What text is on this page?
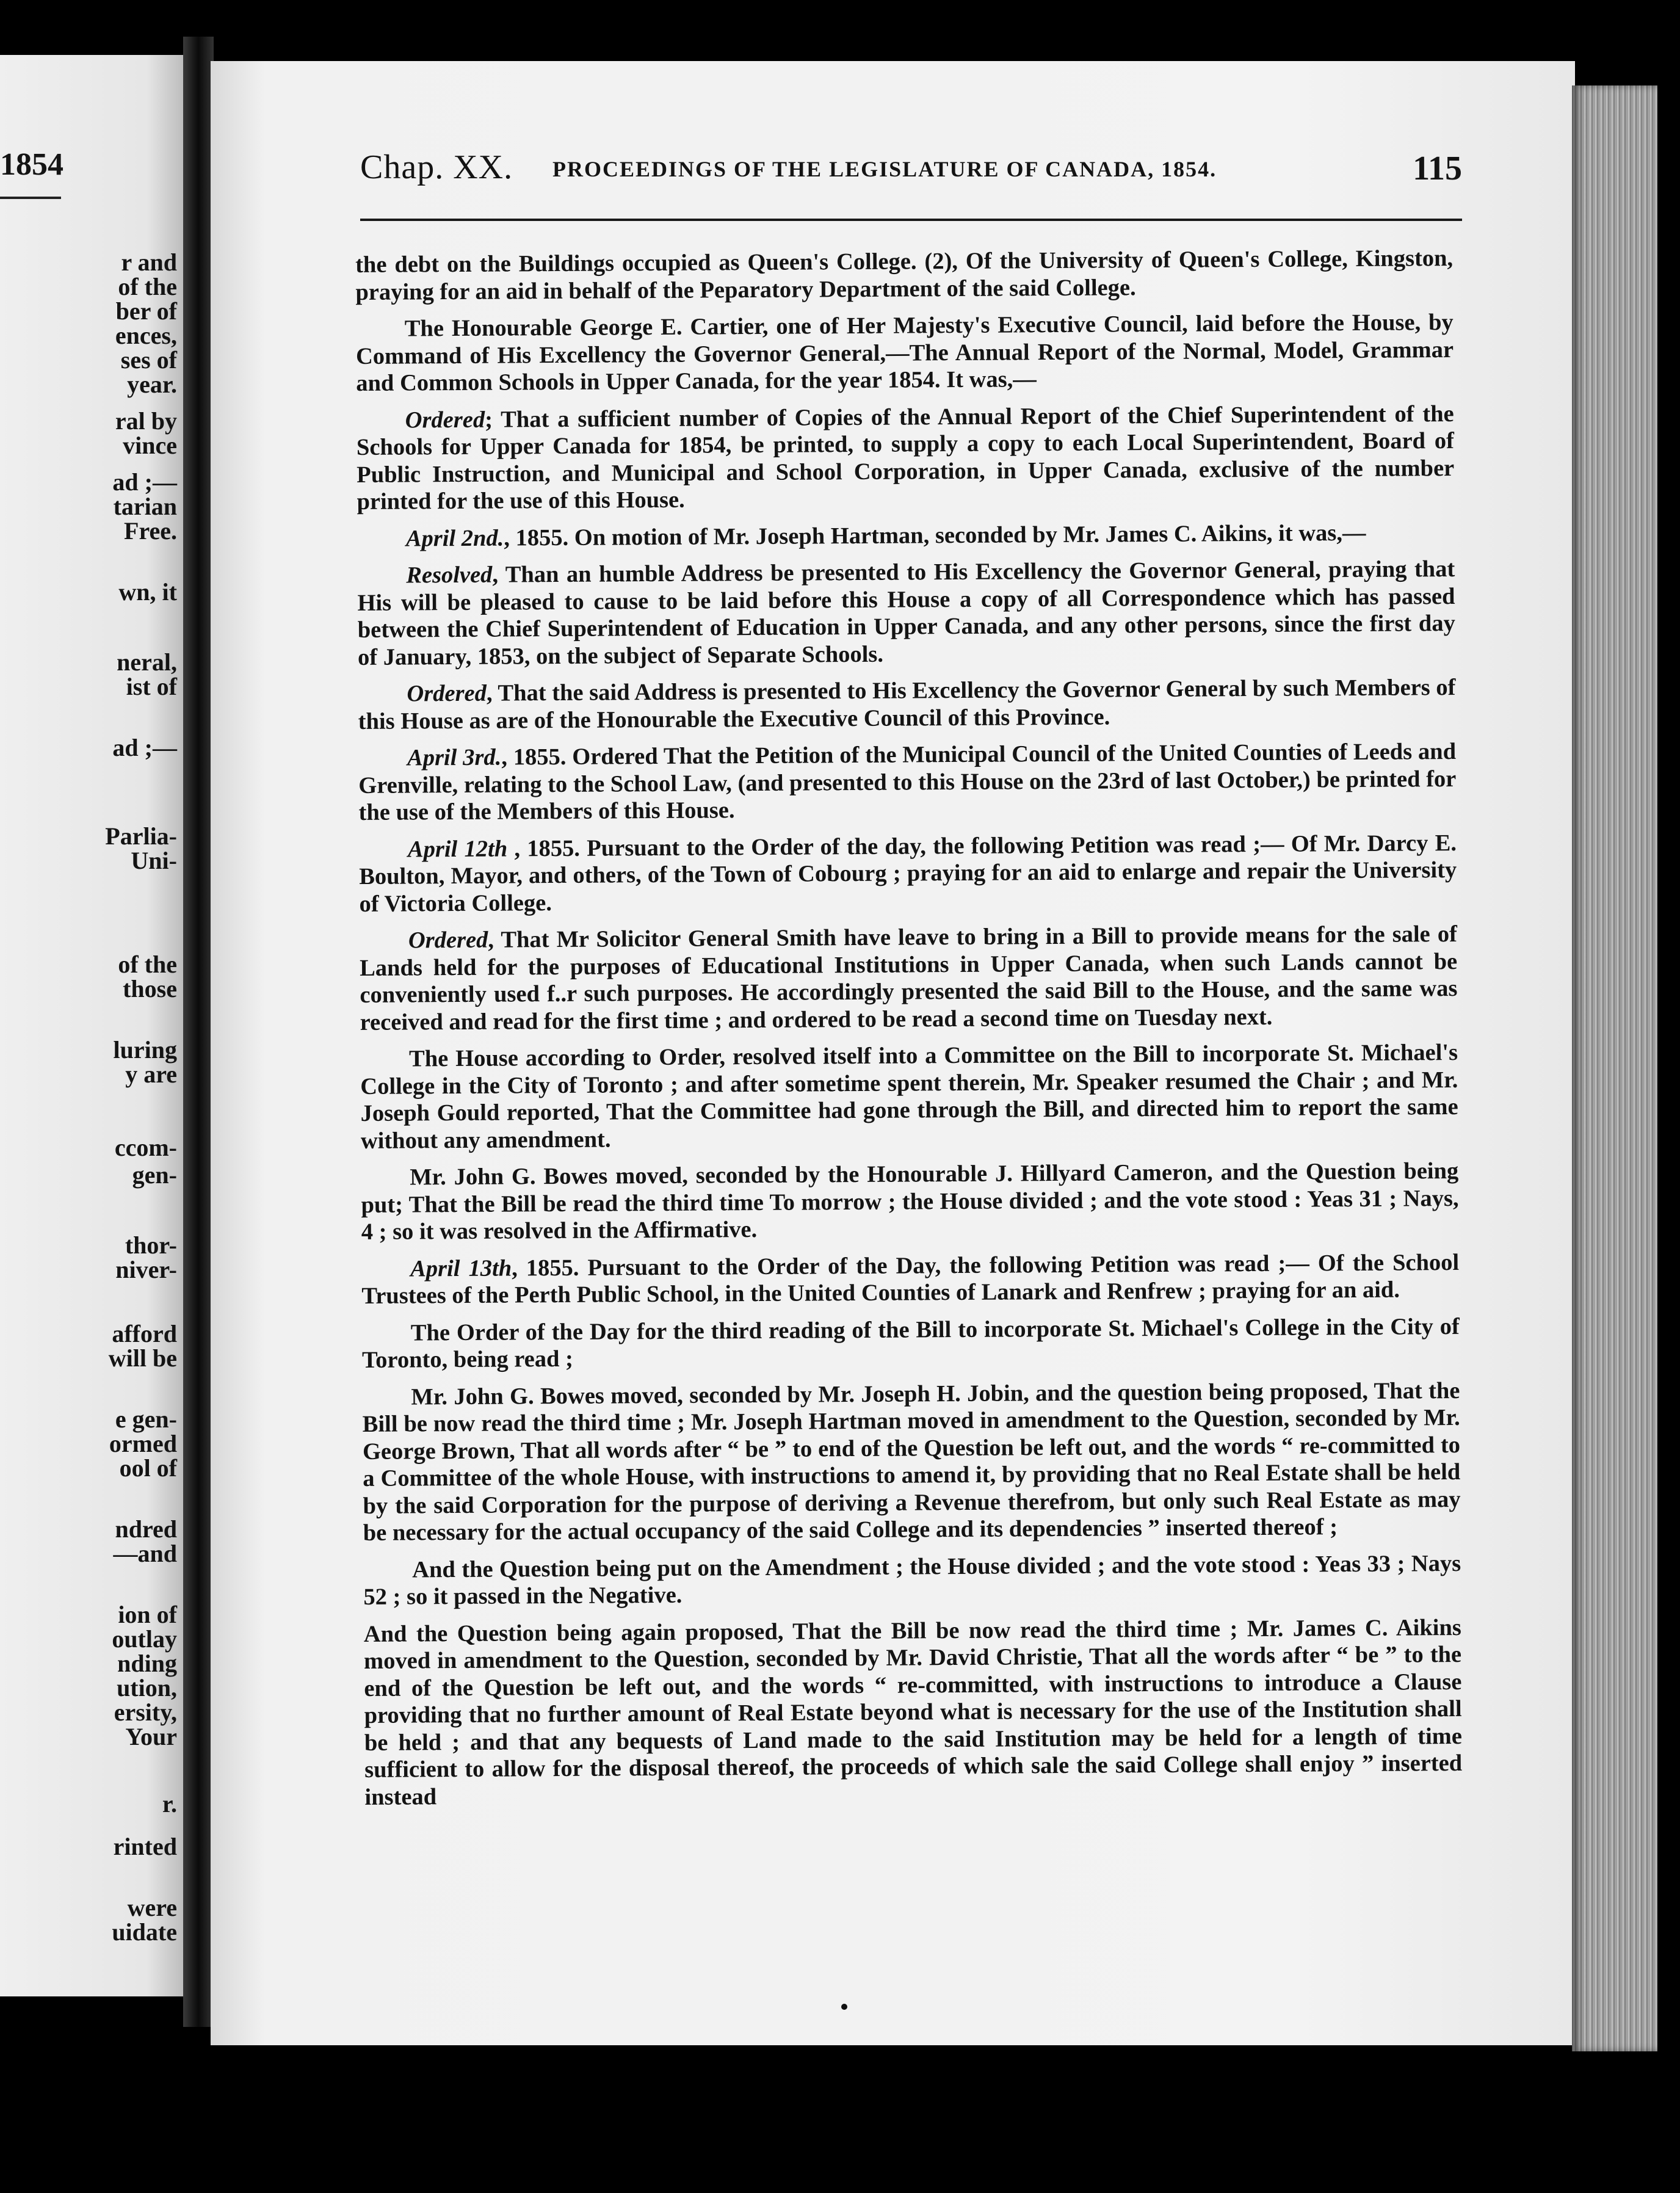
1854
r and
of the
ber of
ences,
ses of
year.
ral by
vince
ad ;—
tarian
Free.
wn, it
neral,
ist of
ad ;—
Parlia-
Uni-
of the
those
luring
y are
ccom-
gen-
thor-
niver-
afford
will be
e gen-
ormed
ool of
ndred
—and
ion of
outlay
nding
ution,
ersity,
Your
r.
rinted
were
uidate
Chap. XX. PROCEEDINGS OF THE LEGISLATURE OF CANADA, 1854.	115

the debt on the Buildings occupied as Queen's College. (2), Of the University of Queen's College, Kingston, praying for an aid in behalf of the Peparatory Department of the said College.

The Honourable George E. Cartier, one of Her Majesty's Executive Council, laid before the House, by Command of His Excellency the Governor General,—The Annual Report of the Normal, Model, Grammar and Common Schools in Upper Canada, for the year 1854. It was,—

Ordered; That a sufficient number of Copies of the Annual Report of the Chief Superintendent of the Schools for Upper Canada for 1854, be printed, to supply a copy to each Local Superintendent, Board of Public Instruction, and Municipal and School Corporation, in Upper Canada, exclusive of the number printed for the use of this House.

April 2nd., 1855. On motion of Mr. Joseph Hartman, seconded by Mr. James C. Aikins, it was,—

Resolved, Than an humble Address be presented to His Excellency the Governor General, praying that His will be pleased to cause to be laid before this House a copy of all Correspondence which has passed between the Chief Superintendent of Education in Upper Canada, and any other persons, since the first day of January, 1853, on the subject of Separate Schools.

Ordered, That the said Address is presented to His Excellency the Governor General by such Members of this House as are of the Honourable the Executive Council of this Province.

April 3rd., 1855. Ordered That the Petition of the Municipal Council of the United Counties of Leeds and Grenville, relating to the School Law, (and presented to this House on the 23rd of last October,) be printed for the use of the Members of this House.

April 12th , 1855. Pursuant to the Order of the day, the following Petition was read ;— Of Mr. Darcy E. Boulton, Mayor, and others, of the Town of Cobourg ; praying for an aid to enlarge and repair the University of Victoria College.

Ordered, That Mr Solicitor General Smith have leave to bring in a Bill to provide means for the sale of Lands held for the purposes of Educational Institutions in Upper Canada, when such Lands cannot be conveniently used f..r such purposes. He accordingly presented the said Bill to the House, and the same was received and read for the first time ; and ordered to be read a second time on Tuesday next.

The House according to Order, resolved itself into a Committee on the Bill to incorporate St. Michael's College in the City of Toronto ; and after sometime spent therein, Mr. Speaker resumed the Chair ; and Mr. Joseph Gould reported, That the Committee had gone through the Bill, and directed him to report the same without any amendment.

Mr. John G. Bowes moved, seconded by the Honourable J. Hillyard Cameron, and the Question being put; That the Bill be read the third time To morrow ; the House divided ; and the vote stood : Yeas 31 ; Nays, 4 ; so it was resolved in the Affirmative.

April 13th, 1855. Pursuant to the Order of the Day, the following Petition was read ;— Of the School Trustees of the Perth Public School, in the United Counties of Lanark and Renfrew ; praying for an aid.

The Order of the Day for the third reading of the Bill to incorporate St. Michael's College in the City of Toronto, being read ;

Mr. John G. Bowes moved, seconded by Mr. Joseph H. Jobin, and the question being proposed, That the Bill be now read the third time ; Mr. Joseph Hartman moved in amendment to the Question, seconded by Mr. George Brown, That all words after “ be ” to end of the Question be left out, and the words “ re-committed to a Committee of the whole House, with instructions to amend it, by providing that no Real Estate shall be held by the said Corporation for the purpose of deriving a Revenue therefrom, but only such Real Estate as may be necessary for the actual occupancy of the said College and its dependencies ” inserted thereof ;

And the Question being put on the Amendment ; the House divided ; and the vote stood : Yeas 33 ; Nays 52 ; so it passed in the Negative.

And the Question being again proposed, That the Bill be now read the third time ; Mr. James C. Aikins moved in amendment to the Question, seconded by Mr. David Christie, That all the words after “ be ” to the end of the Question be left out, and the words “ re-committed, with instructions to introduce a Clause providing that no further amount of Real Estate beyond what is necessary for the use of the Institution shall be held ; and that any bequests of Land made to the said Institution may be held for a length of time sufficient to allow for the disposal thereof, the proceeds of which sale the said College shall enjoy ” inserted instead
